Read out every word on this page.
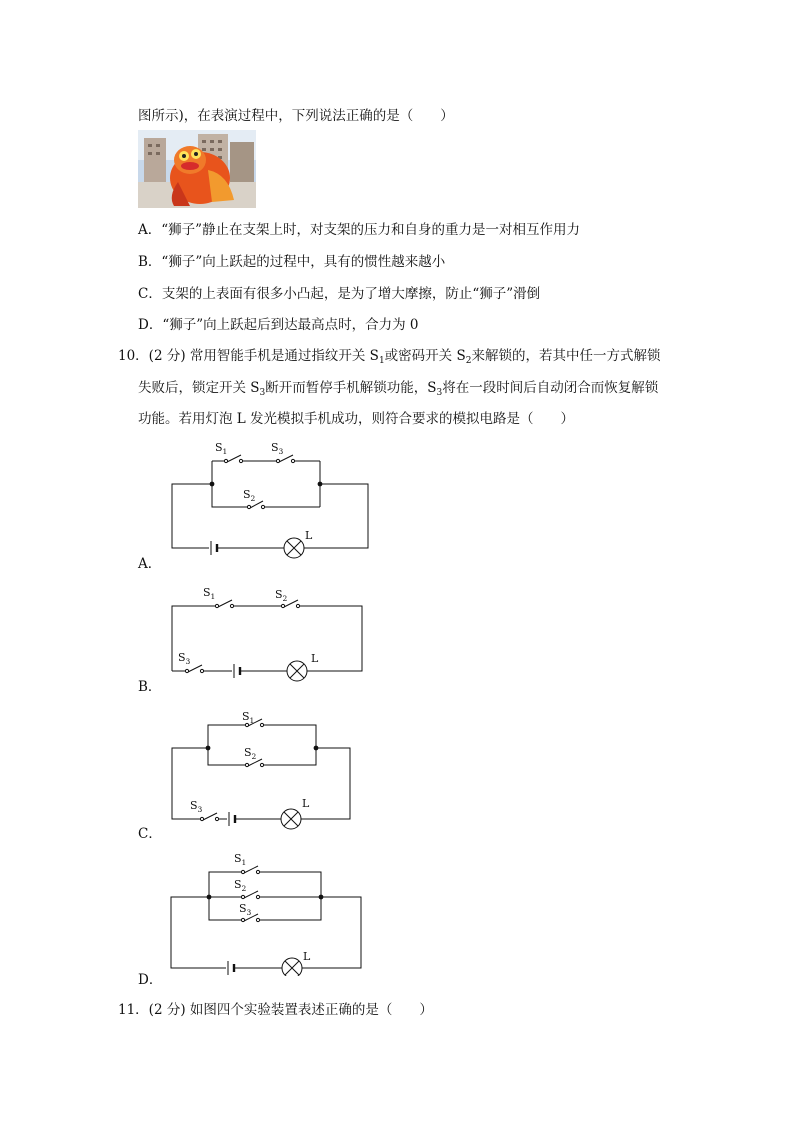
图所示)，在表演过程中，下列说法正确的是（　　）
A．“狮子”静止在支架上时，对支架的压力和自身的重力是一对相互作用力
B．“狮子”向上跃起的过程中，具有的惯性越来越小
C．支架的上表面有很多小凸起，是为了增大摩擦，防止“狮子”滑倒
D．“狮子”向上跃起后到达最高点时，合力为 0
10．(2 分) 常用智能手机是通过指纹开关 $S_1$或密码开关 $S_2$来解锁的，若其中任一方式解锁
失败后，锁定开关 $S_3$断开而暂停手机解锁功能，$S_3$将在一段时间后自动闭合而恢复解锁
功能。若用灯泡 L 发光模拟手机成功，则符合要求的模拟电路是（　　）
$S_1$	$S_3$
$S_2$
L
A．
$S_1$	$S_2$
$S_3$	L
B．
$S_1$
$S_2$
$S_3$	L
C．
$S_1$
$S_2$
$S_3$
L
D．
11．(2 分) 如图四个实验装置表述正确的是（　　）
